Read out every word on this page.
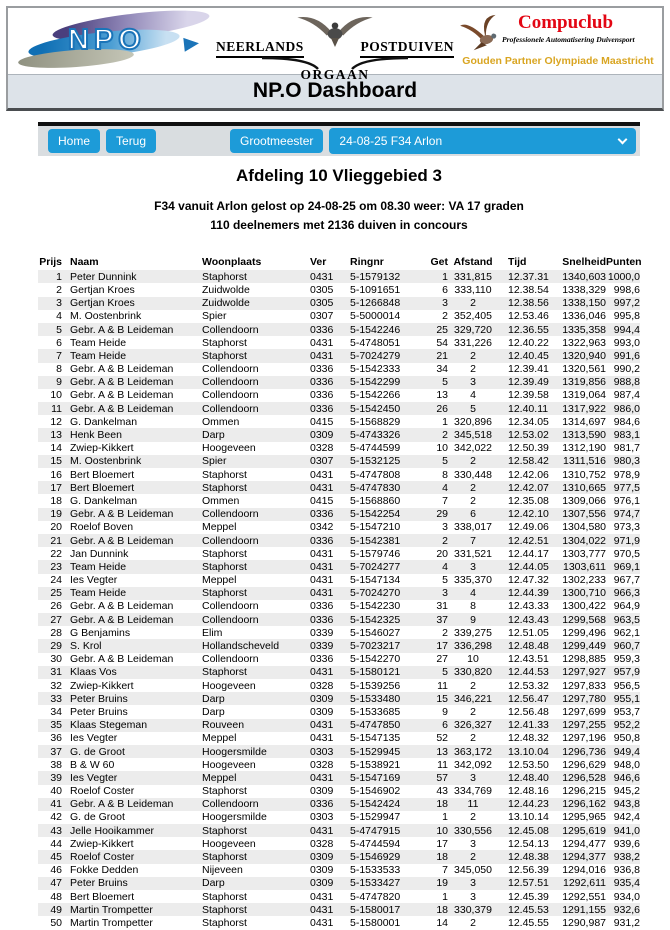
NPO	NEERLANDS	POSTDUIVEN
ORGAAN
Compuclub
Professionele Automatisering Duivensport
Gouden Partner Olympiade Maastricht
NP.O Dashboard
Home	Terug	Grootmeester	24-08-25 F34 Arlon
Afdeling 10 Vlieggebied 3
F34 vanuit Arlon gelost op 24-08-25 om 08.30 weer: VA 17 graden
110 deelnemers met 2136 duiven in concours
Prijs	Naam	Woonplaats	Ver	Ringnr	Get	Afstand	Tijd	Snelheid	Punten
1	Peter Dunnink	Staphorst	0431	5-1579132	1	331,815	12.37.31	1340,603	1000,0
2	Gertjan Kroes	Zuidwolde	0305	5-1091651	6	333,110	12.38.54	1338,329	998,6
3	Gertjan Kroes	Zuidwolde	0305	5-1266848	3	2	12.38.56	1338,150	997,2
4	M. Oostenbrink	Spier	0307	5-5000014	2	352,405	12.53.46	1336,046	995,8
5	Gebr. A & B Leideman	Collendoorn	0336	5-1542246	25	329,720	12.36.55	1335,358	994,4
6	Team Heide	Staphorst	0431	5-4748051	54	331,226	12.40.22	1322,963	993,0
7	Team Heide	Staphorst	0431	5-7024279	21	2	12.40.45	1320,940	991,6
8	Gebr. A & B Leideman	Collendoorn	0336	5-1542333	34	2	12.39.41	1320,561	990,2
9	Gebr. A & B Leideman	Collendoorn	0336	5-1542299	5	3	12.39.49	1319,856	988,8
10	Gebr. A & B Leideman	Collendoorn	0336	5-1542266	13	4	12.39.58	1319,064	987,4
11	Gebr. A & B Leideman	Collendoorn	0336	5-1542450	26	5	12.40.11	1317,922	986,0
12	G. Dankelman	Ommen	0415	5-1568829	1	320,896	12.34.05	1314,697	984,6
13	Henk Been	Darp	0309	5-4743326	2	345,518	12.53.02	1313,590	983,1
14	Zwiep-Kikkert	Hoogeveen	0328	5-4744599	10	342,022	12.50.39	1312,190	981,7
15	M. Oostenbrink	Spier	0307	5-1532125	5	2	12.58.42	1311,516	980,3
16	Bert Bloemert	Staphorst	0431	5-4747808	8	330,448	12.42.06	1310,752	978,9
17	Bert Bloemert	Staphorst	0431	5-4747830	4	2	12.42.07	1310,665	977,5
18	G. Dankelman	Ommen	0415	5-1568860	7	2	12.35.08	1309,066	976,1
19	Gebr. A & B Leideman	Collendoorn	0336	5-1542254	29	6	12.42.10	1307,556	974,7
20	Roelof Boven	Meppel	0342	5-1547210	3	338,017	12.49.06	1304,580	973,3
21	Gebr. A & B Leideman	Collendoorn	0336	5-1542381	2	7	12.42.51	1304,022	971,9
22	Jan Dunnink	Staphorst	0431	5-1579746	20	331,521	12.44.17	1303,777	970,5
23	Team Heide	Staphorst	0431	5-7024277	4	3	12.44.05	1303,611	969,1
24	Ies Vegter	Meppel	0431	5-1547134	5	335,370	12.47.32	1302,233	967,7
25	Team Heide	Staphorst	0431	5-7024270	3	4	12.44.39	1300,710	966,3
26	Gebr. A & B Leideman	Collendoorn	0336	5-1542230	31	8	12.43.33	1300,422	964,9
27	Gebr. A & B Leideman	Collendoorn	0336	5-1542325	37	9	12.43.43	1299,568	963,5
28	G Benjamins	Elim	0339	5-1546027	2	339,275	12.51.05	1299,496	962,1
29	S. Krol	Hollandscheveld	0339	5-7023217	17	336,298	12.48.48	1299,449	960,7
30	Gebr. A & B Leideman	Collendoorn	0336	5-1542270	27	10	12.43.51	1298,885	959,3
31	Klaas Vos	Staphorst	0431	5-1580121	5	330,820	12.44.53	1297,927	957,9
32	Zwiep-Kikkert	Hoogeveen	0328	5-1539256	11	2	12.53.32	1297,833	956,5
33	Peter Bruins	Darp	0309	5-1533480	15	346,221	12.56.47	1297,780	955,1
34	Peter Bruins	Darp	0309	5-1533685	9	2	12.56.48	1297,699	953,7
35	Klaas Stegeman	Rouveen	0431	5-4747850	6	326,327	12.41.33	1297,255	952,2
36	Ies Vegter	Meppel	0431	5-1547135	52	2	12.48.32	1297,196	950,8
37	G. de Groot	Hoogersmilde	0303	5-1529945	13	363,172	13.10.04	1296,736	949,4
38	B & W 60	Hoogeveen	0328	5-1538921	11	342,092	12.53.50	1296,629	948,0
39	Ies Vegter	Meppel	0431	5-1547169	57	3	12.48.40	1296,528	946,6
40	Roelof Coster	Staphorst	0309	5-1546902	43	334,769	12.48.16	1296,215	945,2
41	Gebr. A & B Leideman	Collendoorn	0336	5-1542424	18	11	12.44.23	1296,162	943,8
42	G. de Groot	Hoogersmilde	0303	5-1529947	1	2	13.10.14	1295,965	942,4
43	Jelle Hooikammer	Staphorst	0431	5-4747915	10	330,556	12.45.08	1295,619	941,0
44	Zwiep-Kikkert	Hoogeveen	0328	5-4744594	17	3	12.54.13	1294,477	939,6
45	Roelof Coster	Staphorst	0309	5-1546929	18	2	12.48.38	1294,377	938,2
46	Fokke Dedden	Nijeveen	0309	5-1533533	7	345,050	12.56.39	1294,016	936,8
47	Peter Bruins	Darp	0309	5-1533427	19	3	12.57.51	1292,611	935,4
48	Bert Bloemert	Staphorst	0431	5-4747820	1	3	12.45.39	1292,551	934,0
49	Martin Trompetter	Staphorst	0431	5-1580017	18	330,379	12.45.53	1291,155	932,6
50	Martin Trompetter	Staphorst	0431	5-1580001	14	2	12.45.55	1290,987	931,2
